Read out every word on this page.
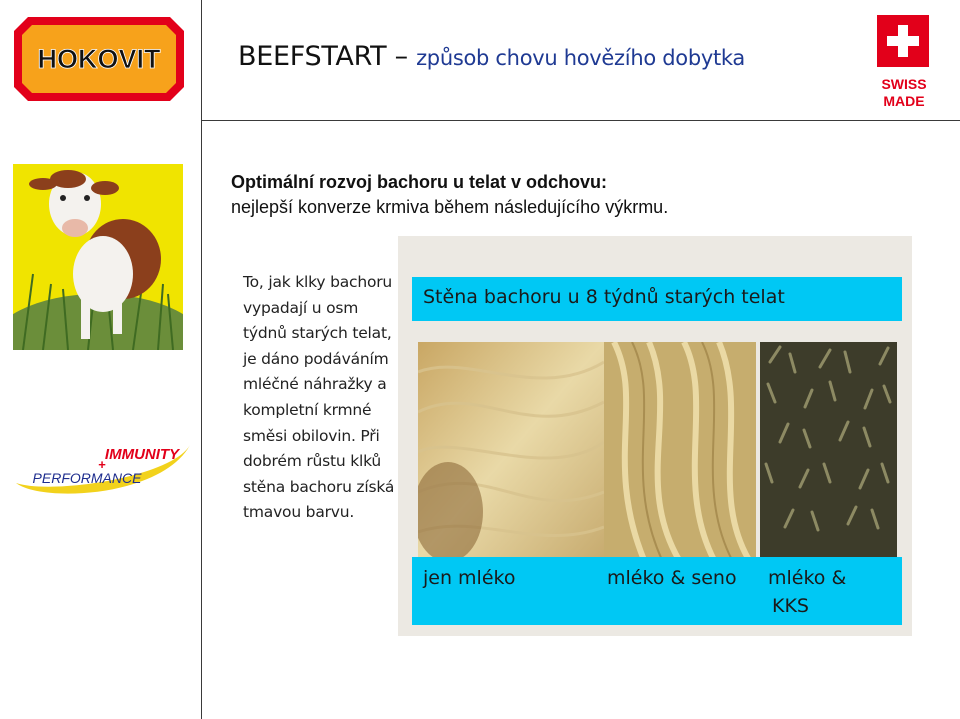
HOKOVIT
SWISS
MADE
BEEFSTART – způsob chovu hovězího dobytka
IMMUNITY
+
PERFORMANCE
Optimální rozvoj bachoru u telat v odchovu:
nejlepší konverze krmiva během následujícího výkrmu.
To, jak klky bachoru vypadají u osm týdnů starých telat, je dáno podáváním mléčné náhražky a kompletní krmné směsi obilovin. Při dobrém růstu klků stěna bachoru získá tmavou barvu.
Stěna bachoru u 8 týdnů starých telat
jen mléko	mléko & seno mléko &
KKS
